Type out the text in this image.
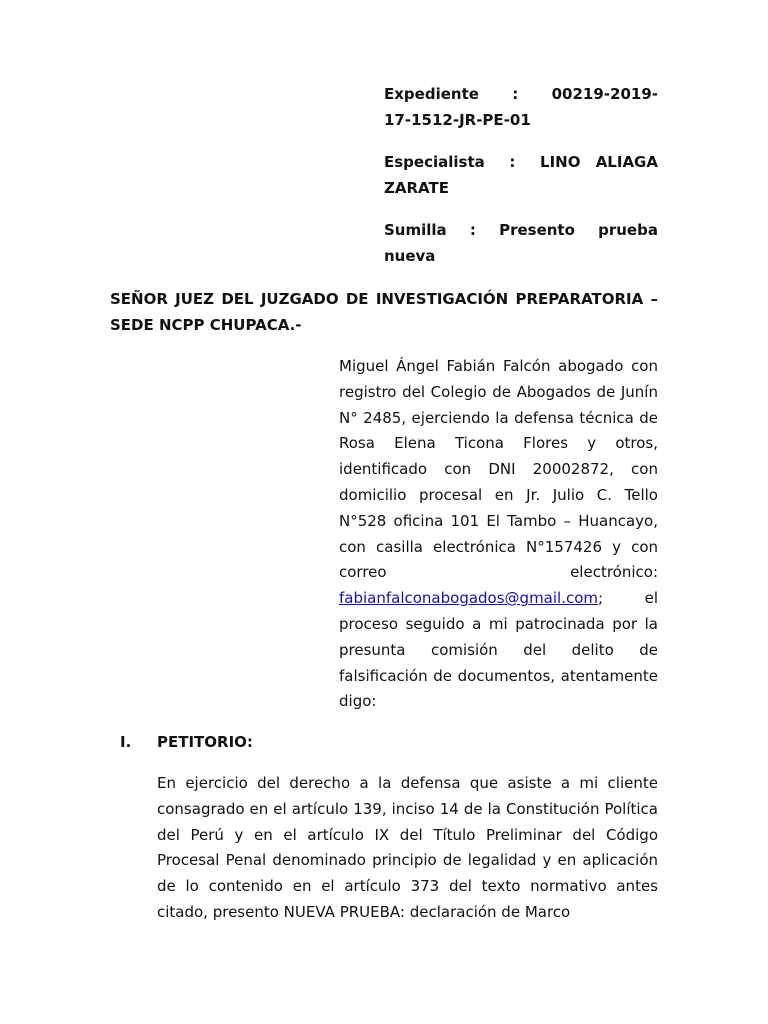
Expediente : 00219-2019-
17-1512-JR-PE-01
Especialista : LINO ALIAGA
ZARATE
Sumilla : Presento prueba
nueva
SEÑOR JUEZ DEL JUZGADO DE INVESTIGACIÓN PREPARATORIA – SEDE NCPP CHUPACA.-
Miguel Ángel Fabián Falcón abogado con registro del Colegio de Abogados de Junín N° 2485, ejerciendo la defensa técnica de Rosa Elena Ticona Flores y otros, identificado con DNI 20002872, con domicilio procesal en Jr. Julio C. Tello N°528 oficina 101 El Tambo – Huancayo, con casilla electrónica N°157426 y con correo electrónico: fabianfalconabogados@gmail.com; el proceso seguido a mi patrocinada por la presunta comisión del delito de falsificación de documentos, atentamente digo:
I.	PETITORIO:
En ejercicio del derecho a la defensa que asiste a mi cliente consagrado en el artículo 139, inciso 14 de la Constitución Política del Perú y en el artículo IX del Título Preliminar del Código Procesal Penal denominado principio de legalidad y en aplicación de lo contenido en el artículo 373 del texto normativo antes citado, presento NUEVA PRUEBA: declaración de Marco
